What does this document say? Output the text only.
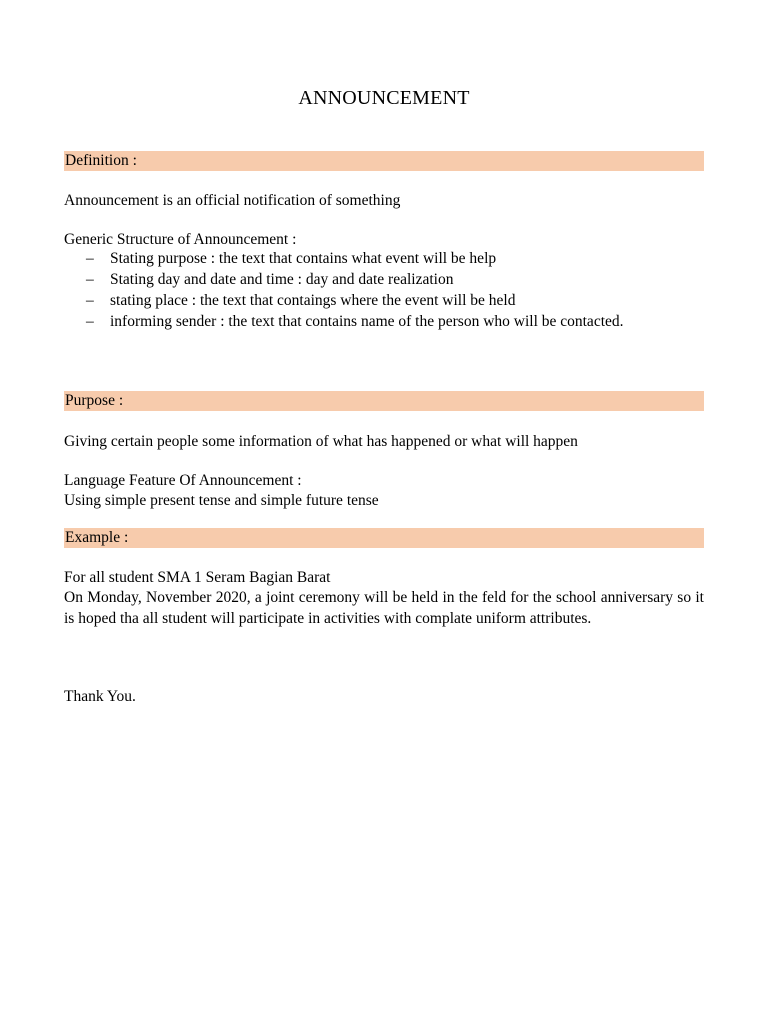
ANNOUNCEMENT
Definition :

Announcement is an official notification of something

Generic Structure of Announcement :

– Stating purpose : the text that contains what event will be help
– Stating day and date and time : day and date realization
– stating place : the text that contaings where the event will be held
– informing sender : the text that contains name of the person who will be contacted.
Purpose :

Giving certain people some information of what has happened or what will happen

Language Feature Of Announcement :

Using simple present tense and simple future tense

Example :

For all student SMA 1 Seram Bagian Barat

On Monday, November 2020, a joint ceremony will be held in the feld for the school anniversary so it is hoped tha all student will participate in activities with complate uniform attributes.

Thank You.
